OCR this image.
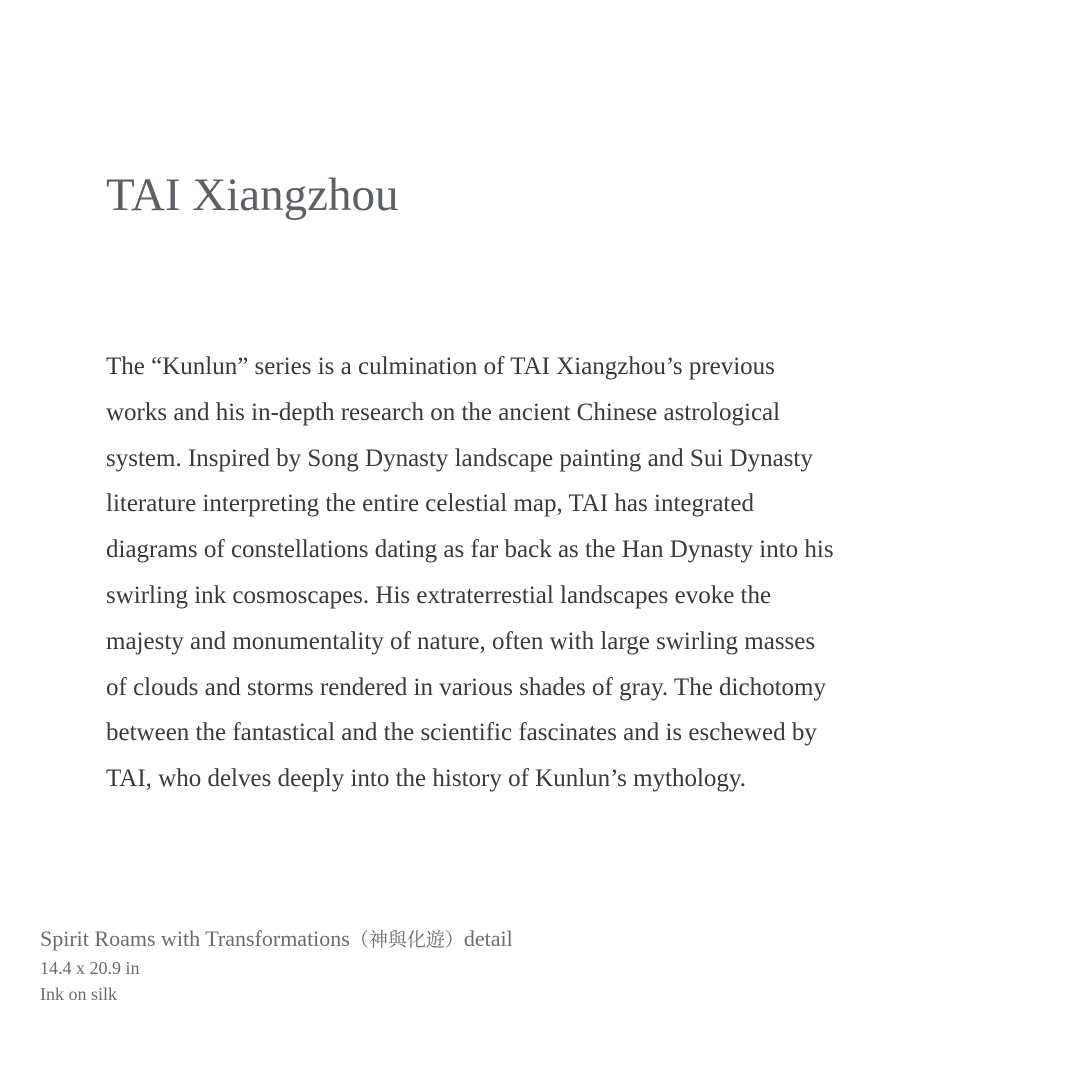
TAI Xiangzhou
The “Kunlun” series is a culmination of TAI Xiangzhou’s previous
works and his in-depth research on the ancient Chinese astrological
system. Inspired by Song Dynasty landscape painting and Sui Dynasty
literature interpreting the entire celestial map, TAI has integrated
diagrams of constellations dating as far back as the Han Dynasty into his
swirling ink cosmoscapes. His extraterrestial landscapes evoke the
majesty and monumentality of nature, often with large swirling masses
of clouds and storms rendered in various shades of gray. The dichotomy
between the fantastical and the scientific fascinates and is eschewed by
TAI, who delves deeply into the history of Kunlun’s mythology.
Spirit Roams with Transformations（神與化遊）detail
14.4 x 20.9 in
Ink on silk
